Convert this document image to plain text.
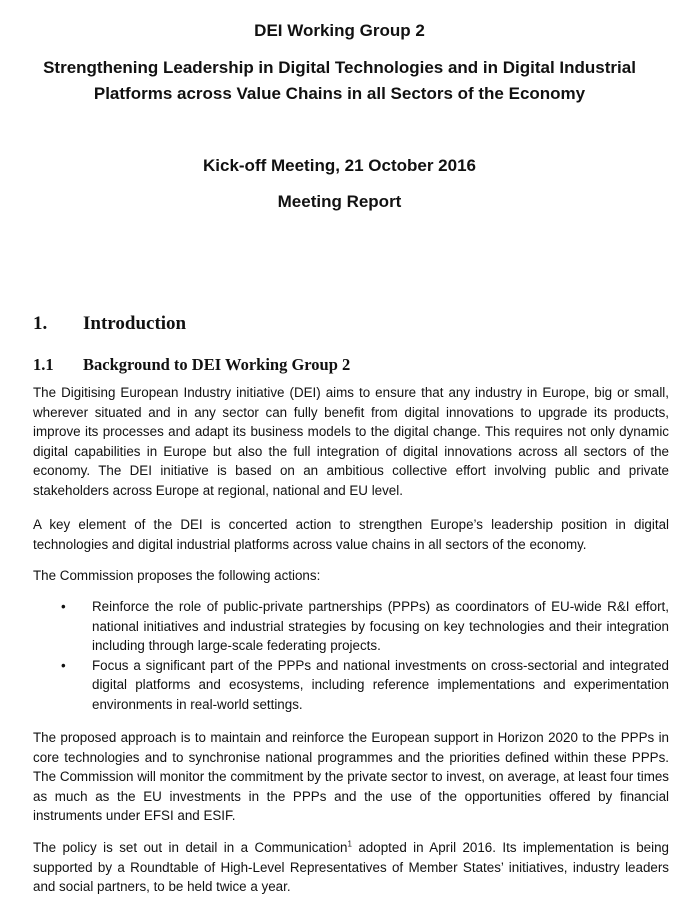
DEI Working Group 2
Strengthening Leadership in Digital Technologies and in Digital Industrial
Platforms across Value Chains in all Sectors of the Economy
Kick-off Meeting, 21 October 2016
Meeting Report
1. Introduction
1.1 Background to DEI Working Group 2

The Digitising European Industry initiative (DEI) aims to ensure that any industry in Europe, big or small, wherever situated and in any sector can fully benefit from digital innovations to upgrade its products, improve its processes and adapt its business models to the digital change. This requires not only dynamic digital capabilities in Europe but also the full integration of digital innovations across all sectors of the economy. The DEI initiative is based on an ambitious collective effort involving public and private stakeholders across Europe at regional, national and EU level.

A key element of the DEI is concerted action to strengthen Europe’s leadership position in digital technologies and digital industrial platforms across value chains in all sectors of the economy.

The Commission proposes the following actions:

• Reinforce the role of public-private partnerships (PPPs) as coordinators of EU-wide R&I effort, national initiatives and industrial strategies by focusing on key technologies and their integration including through large-scale federating projects.
• Focus a significant part of the PPPs and national investments on cross-sectorial and integrated digital platforms and ecosystems, including reference implementations and experimentation environments in real-world settings.

The proposed approach is to maintain and reinforce the European support in Horizon 2020 to the PPPs in core technologies and to synchronise national programmes and the priorities defined within these PPPs. The Commission will monitor the commitment by the private sector to invest, on average, at least four times as much as the EU investments in the PPPs and the use of the opportunities offered by financial instruments under EFSI and ESIF.

The policy is set out in detail in a Communication$^1$ adopted in April 2016. Its implementation is being supported by a Roundtable of High-Level Representatives of Member States’ initiatives, industry leaders and social partners, to be held twice a year.
